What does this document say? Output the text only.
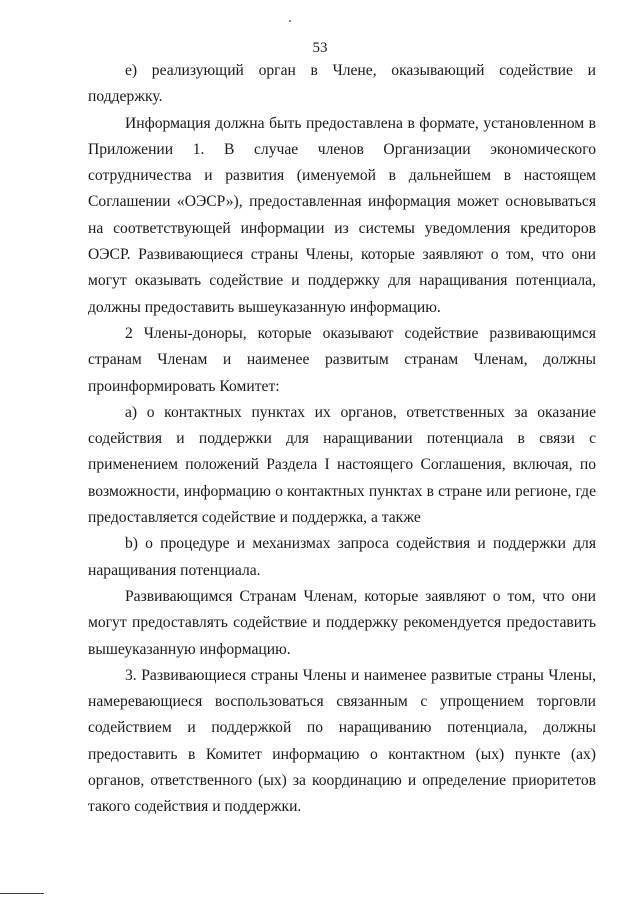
53

е) реализующий орган в Члене, оказывающий содействие и поддержку.

Информация должна быть предоставлена в формате, установленном в Приложении 1. В случае членов Организации экономического сотрудничества и развития (именуемой в дальнейшем в настоящем Соглашении «ОЭСР»), предоставленная информация может основываться на соответствующей информации из системы уведомления кредиторов ОЭСР. Развивающиеся страны Члены, которые заявляют о том, что они могут оказывать содействие и поддержку для наращивания потенциала, должны предоставить вышеуказанную информацию.

2 Члены-доноры, которые оказывают содействие развивающимся странам Членам и наименее развитым странам Членам, должны проинформировать Комитет:

а) о контактных пунктах их органов, ответственных за оказание содействия и поддержки для наращивании потенциала в связи с применением положений Раздела I настоящего Соглашения, включая, по возможности, информацию о контактных пунктах в стране или регионе, где предоставляется содействие и поддержка, а также

b) о процедуре и механизмах запроса содействия и поддержки для наращивания потенциала.

Развивающимся Странам Членам, которые заявляют о том, что они могут предоставлять содействие и поддержку рекомендуется предоставить вышеуказанную информацию.

3. Развивающиеся страны Члены и наименее развитые страны Члены, намеревающиеся воспользоваться связанным с упрощением торговли содействием и поддержкой по наращиванию потенциала, должны предоставить в Комитет информацию о контактном (ых) пункте (ах) органов, ответственного (ых) за координацию и определение приоритетов такого содействия и поддержки.
